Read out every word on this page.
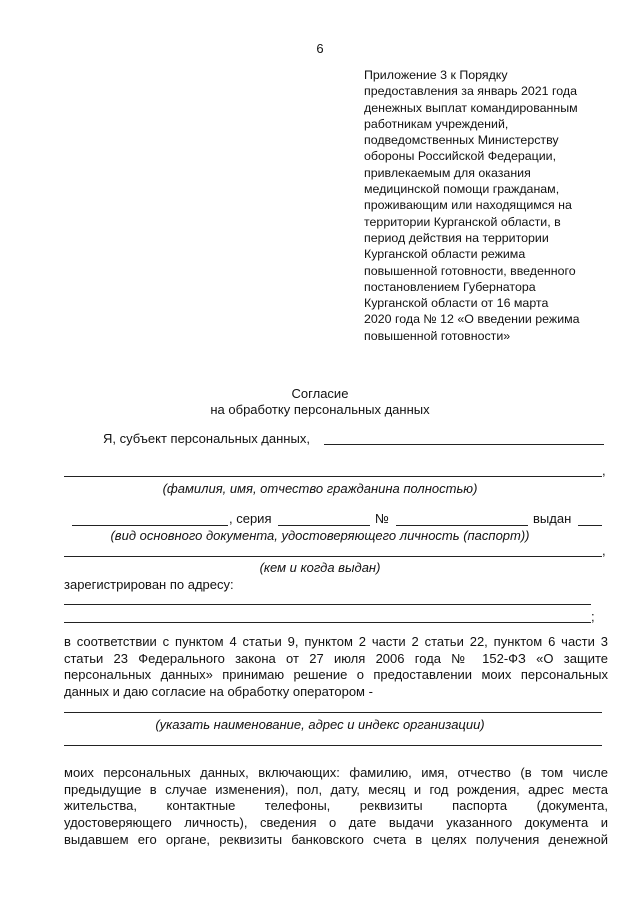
6
Приложение 3 к Порядку
предоставления за январь 2021 года
денежных выплат командированным
работникам учреждений,
подведомственных Министерству
обороны Российской Федерации,
привлекаемым для оказания
медицинской помощи гражданам,
проживающим или находящимся на
территории Курганской области, в
период действия на территории
Курганской области режима
повышенной готовности, введенного
постановлением Губернатора
Курганской области от 16 марта
2020 года № 12 «О введении режима
повышенной готовности»
Согласие
на обработку персональных данных
Я, субъект персональных данных,
,
(фамилия, имя, отчество гражданина полностью)
, серия	№	выдан
(вид основного документа, удостоверяющего личность (паспорт))
,
(кем и когда выдан)
зарегистрирован по адресу:
;
в соответствии с пунктом 4 статьи 9, пунктом 2 части 2 статьи 22, пунктом 6 части 3
статьи 23 Федерального закона от 27 июля 2006 года № 152-ФЗ «О защите
персональных данных» принимаю решение о предоставлении моих персональных
данных и даю согласие на обработку оператором -
(указать наименование, адрес и индекс организации)
моих персональных данных, включающих: фамилию, имя, отчество (в том числе
предыдущие в случае изменения), пол, дату, месяц и год рождения, адрес места
жительства, контактные телефоны, реквизиты паспорта (документа,
удостоверяющего личность), сведения о дате выдачи указанного документа и
выдавшем его органе, реквизиты банковского счета в целях получения денежной
